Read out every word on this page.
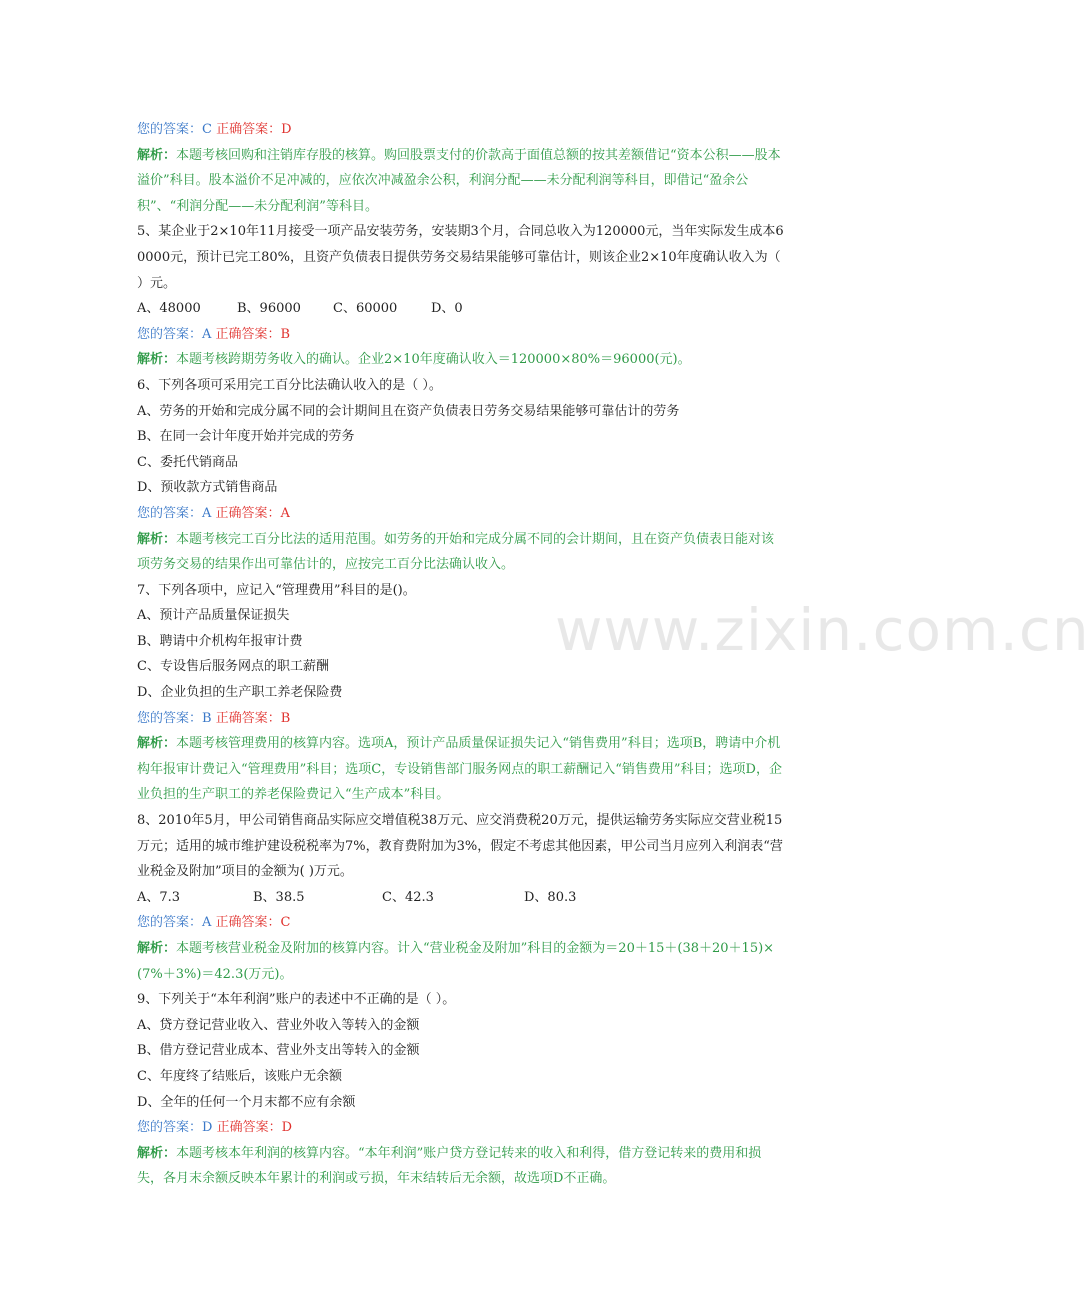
www.zixin.com.cn
您的答案：C 正确答案：D
解析：本题考核回购和注销库存股的核算。购回股票支付的价款高于面值总额的按其差额借记“资本公积——股本溢价”科目。股本溢价不足冲减的，应依次冲减盈余公积，利润分配——未分配利润等科目，即借记“盈余公积”、“利润分配——未分配利润”等科目。
5、某企业于2×10年11月接受一项产品安装劳务，安装期3个月，合同总收入为120000元，当年实际发生成本60000元，预计已完工80%，且资产负债表日提供劳务交易结果能够可靠估计，则该企业2×10年度确认收入为（ ）元。
A、48000	B、96000	C、60000	D、0
您的答案：A 正确答案：B
解析：本题考核跨期劳务收入的确认。企业2×10年度确认收入＝120000×80%＝96000(元)。
6、下列各项可采用完工百分比法确认收入的是（ ）。
A、劳务的开始和完成分属不同的会计期间且在资产负债表日劳务交易结果能够可靠估计的劳务
B、在同一会计年度开始并完成的劳务
C、委托代销商品
D、预收款方式销售商品
您的答案：A 正确答案：A
解析：本题考核完工百分比法的适用范围。如劳务的开始和完成分属不同的会计期间，且在资产负债表日能对该项劳务交易的结果作出可靠估计的，应按完工百分比法确认收入。
7、下列各项中，应记入“管理费用”科目的是()。
A、预计产品质量保证损失
B、聘请中介机构年报审计费
C、专设售后服务网点的职工薪酬
D、企业负担的生产职工养老保险费
您的答案：B 正确答案：B
解析：本题考核管理费用的核算内容。选项A，预计产品质量保证损失记入“销售费用”科目；选项B，聘请中介机构年报审计费记入“管理费用”科目；选项C，专设销售部门服务网点的职工薪酬记入“销售费用”科目；选项D，企业负担的生产职工的养老保险费记入“生产成本”科目。
8、2010年5月，甲公司销售商品实际应交增值税38万元、应交消费税20万元，提供运输劳务实际应交营业税15万元；适用的城市维护建设税税率为7%，教育费附加为3%，假定不考虑其他因素，甲公司当月应列入利润表“营业税金及附加”项目的金额为( )万元。
A、7.3	B、38.5	C、42.3	D、80.3
您的答案：A 正确答案：C
解析：本题考核营业税金及附加的核算内容。计入“营业税金及附加”科目的金额为＝20＋15＋(38＋20＋15)×(7%＋3%)＝42.3(万元)。
9、下列关于“本年利润”账户的表述中不正确的是（ ）。
A、贷方登记营业收入、营业外收入等转入的金额
B、借方登记营业成本、营业外支出等转入的金额
C、年度终了结账后，该账户无余额
D、全年的任何一个月末都不应有余额
您的答案：D 正确答案：D
解析：本题考核本年利润的核算内容。“本年利润”账户贷方登记转来的收入和利得，借方登记转来的费用和损失，各月末余额反映本年累计的利润或亏损，年末结转后无余额，故选项D不正确。
